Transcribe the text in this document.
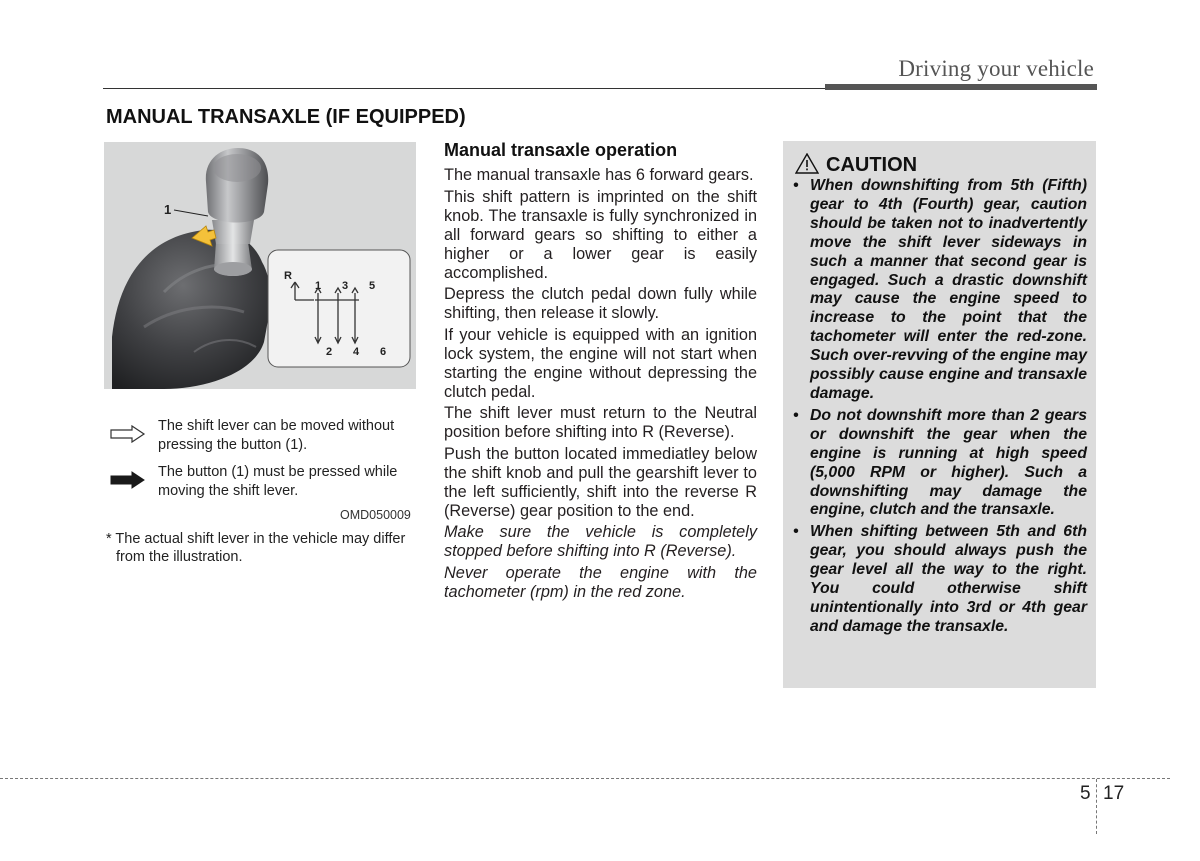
Driving your vehicle
MANUAL TRANSAXLE (IF EQUIPPED)
1
R
1 3 5
2 4 6
The shift lever can be moved without pressing the button (1).
The button (1) must be pressed while moving the shift lever.
OMD050009
* The actual shift lever in the vehicle may differ from the illustration.
Manual transaxle operation

The manual transaxle has 6 forward gears.

This shift pattern is imprinted on the shift knob. The transaxle is fully synchronized in all forward gears so shifting to either a higher or a lower gear is easily accomplished.

Depress the clutch pedal down fully while shifting, then release it slowly.

If your vehicle is equipped with an ignition lock system, the engine will not start when starting the engine without depressing the clutch pedal.

The shift lever must return to the Neutral position before shifting into R (Reverse).

Push the button located immediatley below the shift knob and pull the gearshift lever to the left sufficiently, shift into the reverse R (Reverse) gear position to the end.

Make sure the vehicle is completely stopped before shifting into R (Reverse).

Never operate the engine with the tachometer (rpm) in the red zone.

CAUTION
• When downshifting from 5th (Fifth) gear to 4th (Fourth) gear, caution should be taken not to inadvertently move the shift lever sideways in such a manner that second gear is engaged. Such a drastic downshift may cause the engine speed to increase to the point that the tachometer will enter the red-zone. Such over-revving of the engine may possibly cause engine and transaxle damage.
• Do not downshift more than 2 gears or downshift the gear when the engine is running at high speed (5,000 RPM or higher). Such a downshifting may damage the engine, clutch and the transaxle.
• When shifting between 5th and 6th gear, you should always push the gear level all the way to the right. You could otherwise shift unintentionally into 3rd or 4th gear and damage the transaxle.
5 17
